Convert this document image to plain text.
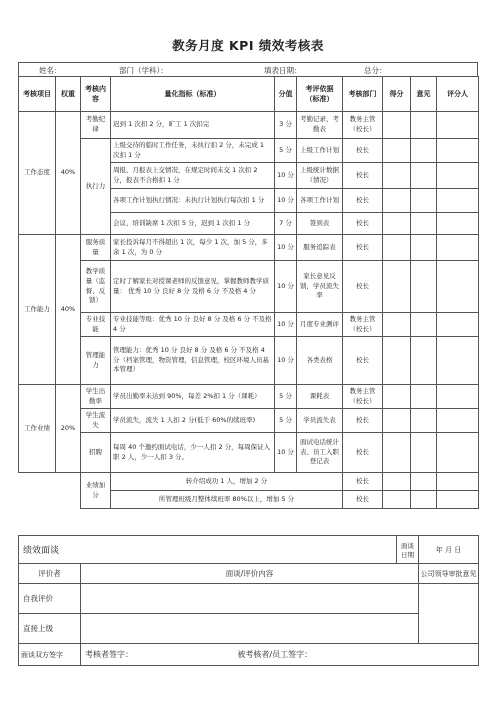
教务月度 KPI 绩效考核表
姓名：	部门（学科）：	填表日期：	总分：
考核项目	权重	考核内容	量化指标（标准）	分值	考评依据（标准）	考核部门	得分	意见	评分人
工作态度	40%	考勤纪律	迟到 1 次扣 2 分，旷工 1 次扣完	3 分	考勤记录、考勤表	教务主管（校长）			
		执行力	上级交待的临时工作任务，未执行扣 2 分，未完成 1 次扣 1 分	5 分	上级工作计划	校长			
			周报、月报表上交情况，在规定时间未交 1 次扣 2 分，报表不合格扣 1 分	10 分	上级统计数据（情况）	校长			
			各项工作计划执行情况：未执行计划执行每次扣 1 分	10 分	各项工作计划	校长			
			会议、培训缺席 1 次扣 5 分，迟到 1 次扣 1 分	7 分	签到表	校长			
工作能力	40%	服务质量	家长投诉每月不得超出 1 次，每少 1 次，加 5 分，多余 1 次，为 0 分	10 分	服务追踪表	校长			
		教学质量（监督、反馈）	定时了解家长对授课老师的反馈意见，掌握教师教学质量： 优秀 10 分 良好 8 分 及格 6 分 不及格 4 分	10 分	家长意见反馈，学员流失率	校长			
		专业技能	专业技能等级：优秀 10 分 良好 8 分 及格 6 分 不及格 4 分	10 分	月度专业测评	教务主管（校长）			
		管理能力	管理能力：优秀 10 分 良好 8 分 及格 6 分 不及格 4 分（档案管理，物资管理，信息管理，校区环境人员基本管理）	10 分	各类表格	校长			
工作业绩	20%	学生出勤率	学员出勤率未达到 90%，每差 2%扣 1 分（课耗）	5 分	课耗表	教务主管（校长）			
		学生流失	学员流失，流失 1 人扣 2 分(低于 60%的续班率)	5 分	学员流失表	校长			
		招聘	每周 40 个邀约面试电话，少一人扣 2 分，每周保证入职 2 人，少一人扣 3 分。	10 分	面试电话统计表、员工入职登记表	校长			
		业绩加分	转介绍成功 1 人，增加 2 分			校长			
			所管理班级月整体续班率 80%以上，增加 5 分			校长			
绩效面谈		面谈日期	年 月 日
评价者	面谈/评价内容		公司领导审批意见
自我评价			
直接上级			
面谈双方签字	考核者签字： 被考核者/员工签字：		
